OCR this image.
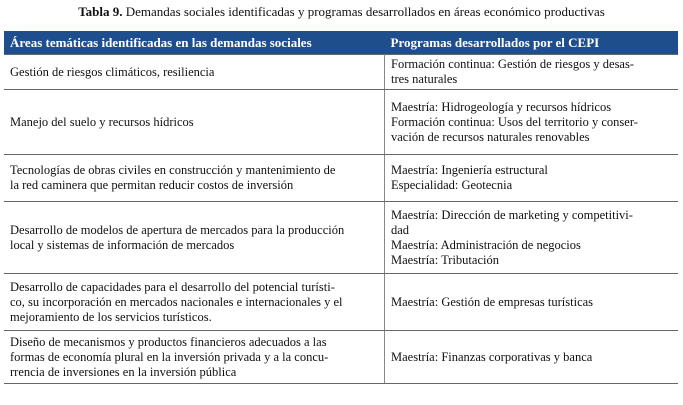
Tabla 9. Demandas sociales identificadas y programas desarrollados en áreas económico productivas
Áreas temáticas identificadas en las demandas sociales	Programas desarrollados por el CEPI

Gestión de riesgos climáticos, resiliencia	Formación continua: Gestión de riesgos y desas-
tres naturales

Manejo del suelo y recursos hídricos	Maestría: Hidrogeología y recursos hídricos
Formación continua: Usos del territorio y conser-
vación de recursos naturales renovables

Tecnologías de obras civiles en construcción y mantenimiento de
la red caminera que permitan reducir costos de inversión	Maestría: Ingeniería estructural
Especialidad: Geotecnia

Desarrollo de modelos de apertura de mercados para la producción
local y sistemas de información de mercados	Maestría: Dirección de marketing y competitivi-
dad
Maestría: Administración de negocios
Maestría: Tributación

Desarrollo de capacidades para el desarrollo del potencial turísti-
co, su incorporación en mercados nacionales e internacionales y el
mejoramiento de los servicios turísticos.	Maestría: Gestión de empresas turísticas

Diseño de mecanismos y productos financieros adecuados a las
formas de economía plural en la inversión privada y a la concu-
rrencia de inversiones en la inversión pública	Maestría: Finanzas corporativas y banca
